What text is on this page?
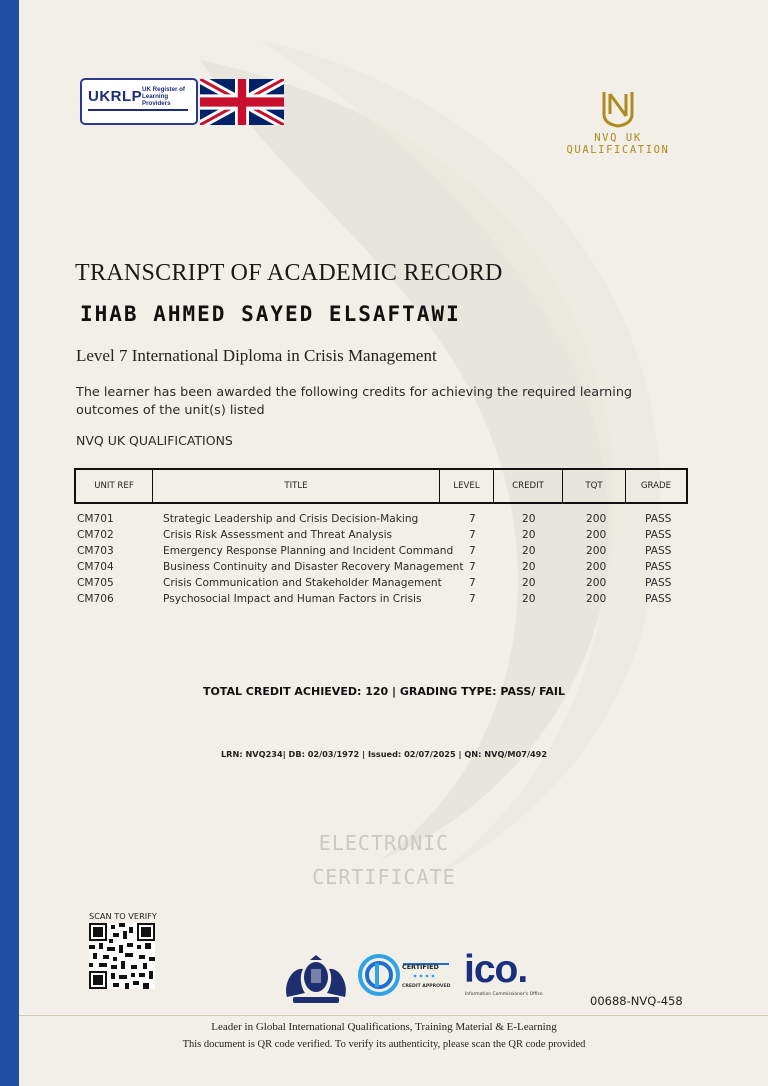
UKRLP UK Register of Learning Providers
NVQ UK QUALIFICATION
TRANSCRIPT OF ACADEMIC RECORD
IHAB AHMED SAYED ELSAFTAWI
Level 7 International Diploma in Crisis Management
The learner has been awarded the following credits for achieving the required learning outcomes of the unit(s) listed
NVQ UK QUALIFICATIONS
UNIT REF	TITLE	LEVEL	CREDIT	TQT	GRADE
CM701	Strategic Leadership and Crisis Decision-Making	7	20	200	PASS
CM702	Crisis Risk Assessment and Threat Analysis	7	20	200	PASS
CM703	Emergency Response Planning and Incident Command 7	20	200	PASS
CM704	Business Continuity and Disaster Recovery Management 7	20	200	PASS
CM705	Crisis Communication and Stakeholder Management	7	20	200	PASS
CM706	Psychosocial Impact and Human Factors in Crisis	7	20	200	PASS
TOTAL CREDIT ACHIEVED: 120 | GRADING TYPE: PASS/ FAIL
LRN: NVQ234| DB: 02/03/1972 | Issued: 02/07/2025 | QN: NVQ/M07/492
ELECTRONIC
CERTIFICATE
SCAN TO VERIFY
CERTIFIED
CREDIT APPROVED ico.
Information Commissioner's Office	00688-NVQ-458
Leader in Global International Qualifications, Training Material & E-Learning
This document is QR code verified. To verify its authenticity, please scan the QR code provided
